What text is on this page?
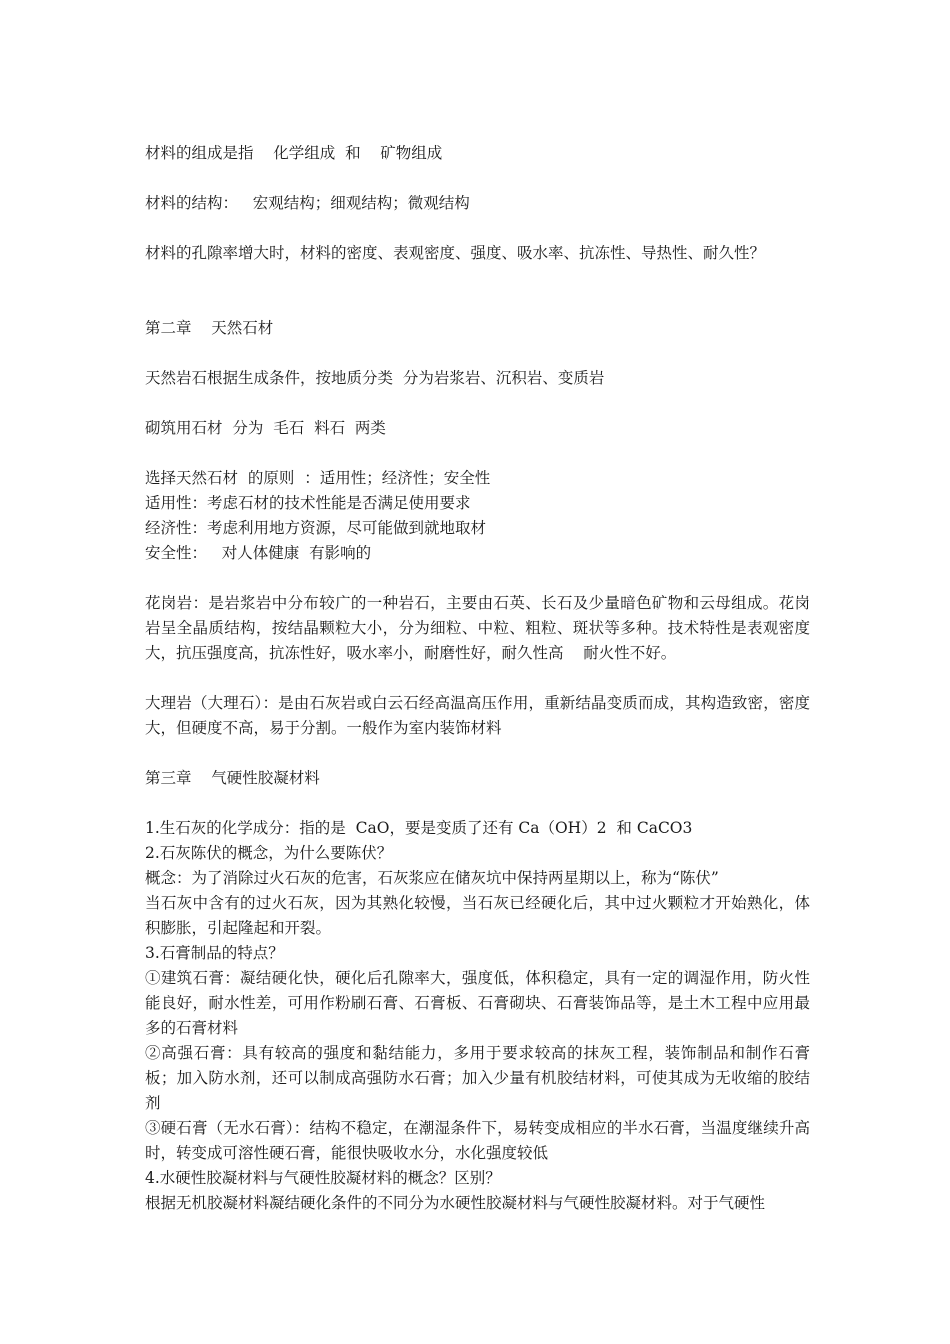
材料的组成是指    化学组成  和    矿物组成

材料的结构：   宏观结构；细观结构；微观结构

材料的孔隙率增大时，材料的密度、表观密度、强度、吸水率、抗冻性、导热性、耐久性？

第二章    天然石材

天然岩石根据生成条件，按地质分类  分为岩浆岩、沉积岩、变质岩

砌筑用石材  分为  毛石  料石  两类

选择天然石材  的原则  ：适用性；经济性；安全性

适用性：考虑石材的技术性能是否满足使用要求

经济性：考虑利用地方资源，尽可能做到就地取材

安全性：   对人体健康  有影响的

花岗岩：是岩浆岩中分布较广的一种岩石，主要由石英、长石及少量暗色矿物和云母组成。花岗岩呈全晶质结构，按结晶颗粒大小，分为细粒、中粒、粗粒、斑状等多种。技术特性是表观密度大，抗压强度高，抗冻性好，吸水率小，耐磨性好，耐久性高    耐火性不好。

大理岩（大理石）：是由石灰岩或白云石经高温高压作用，重新结晶变质而成，其构造致密，密度大，但硬度不高，易于分割。一般作为室内装饰材料

第三章    气硬性胶凝材料

1.生石灰的化学成分：指的是  CaO，要是变质了还有 Ca（OH）2  和 CaCO3

2.石灰陈伏的概念，为什么要陈伏？

概念：为了消除过火石灰的危害，石灰浆应在储灰坑中保持两星期以上，称为“陈伏”

当石灰中含有的过火石灰，因为其熟化较慢，当石灰已经硬化后，其中过火颗粒才开始熟化，体积膨胀，引起隆起和开裂。

3.石膏制品的特点？

①建筑石膏：凝结硬化快，硬化后孔隙率大，强度低，体积稳定，具有一定的调湿作用，防火性能良好，耐水性差，可用作粉刷石膏、石膏板、石膏砌块、石膏装饰品等，是土木工程中应用最多的石膏材料

②高强石膏：具有较高的强度和黏结能力，多用于要求较高的抹灰工程，装饰制品和制作石膏板；加入防水剂，还可以制成高强防水石膏；加入少量有机胶结材料，可使其成为无收缩的胶结剂

③硬石膏（无水石膏）：结构不稳定，在潮湿条件下，易转变成相应的半水石膏，当温度继续升高时，转变成可溶性硬石膏，能很快吸收水分，水化强度较低

4.水硬性胶凝材料与气硬性胶凝材料的概念？区别？

根据无机胶凝材料凝结硬化条件的不同分为水硬性胶凝材料与气硬性胶凝材料。对于气硬性
